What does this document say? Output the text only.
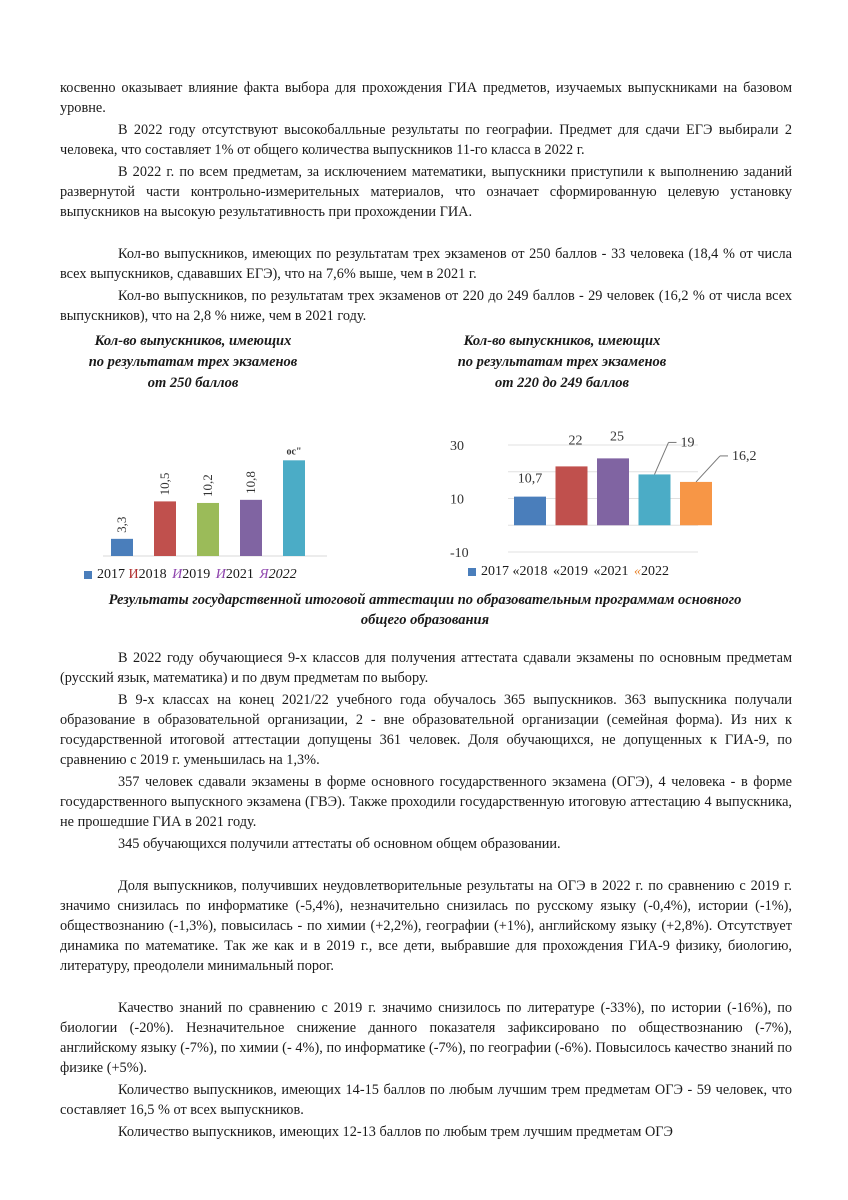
косвенно оказывает влияние факта выбора для прохождения ГИА предметов, изучаемых выпускниками на базовом уровне.

В 2022 году отсутствуют высокобалльные результаты по географии. Предмет для сдачи ЕГЭ выбирали 2 человека, что составляет 1% от общего количества выпускников 11-го класса в 2022 г.

В 2022 г. по всем предметам, за исключением математики, выпускники приступили к выполнению заданий развернутой части контрольно-измерительных материалов, что означает сформированную целевую установку выпускников на высокую результативность при прохождении ГИА.

Кол-во выпускников, имеющих по результатам трех экзаменов от 250 баллов - 33 человека (18,4 % от числа всех выпускников, сдававших ЕГЭ), что на 7,6% выше, чем в 2021 г.

Кол-во выпускников, по результатам трех экзаменов от 220 до 249 баллов - 29 человек (16,2 % от числа всех выпускников), что на 2,8 % ниже, чем в 2021 году.

Кол-во выпускников, имеющих
по результатам трех экзаменов
от 250 баллов
Кол-во выпускников, имеющих
по результатам трех экзаменов
от 220 до 249 баллов
3,3
10,5 10,2 10,8
ос"	30
10
-10
10,7
22 25	19
16,2
2017 И2018 И2019 И2021 Я2022	2017 «2018 «2019 «2021 «2022

Результаты государственной итоговой аттестации по образовательным программам основного общего образования

В 2022 году обучающиеся 9-х классов для получения аттестата сдавали экзамены по основным предметам (русский язык, математика) и по двум предметам по выбору.

В 9-х классах на конец 2021/22 учебного года обучалось 365 выпускников. 363 выпускника получали образование в образовательной организации, 2 - вне образовательной организации (семейная форма). Из них к государственной итоговой аттестации допущены 361 человек. Доля обучающихся, не допущенных к ГИА-9, по сравнению с 2019 г. уменьшилась на 1,3%.

357 человек сдавали экзамены в форме основного государственного экзамена (ОГЭ), 4 человека - в форме государственного выпускного экзамена (ГВЭ). Также проходили государственную итоговую аттестацию 4 выпускника, не прошедшие ГИА в 2021 году.

345 обучающихся получили аттестаты об основном общем образовании.

Доля выпускников, получивших неудовлетворительные результаты на ОГЭ в 2022 г. по сравнению с 2019 г. значимо снизилась по информатике (-5,4%), незначительно снизилась по русскому языку (-0,4%), истории (-1%), обществознанию (-1,3%), повысилась - по химии (+2,2%), географии (+1%), английскому языку (+2,8%). Отсутствует динамика по математике. Так же как и в 2019 г., все дети, выбравшие для прохождения ГИА-9 физику, биологию, литературу, преодолели минимальный порог.

Качество знаний по сравнению с 2019 г. значимо снизилось по литературе (-33%), по истории (-16%), по биологии (-20%). Незначительное снижение данного показателя зафиксировано по обществознанию (-7%), английскому языку (-7%), по химии (- 4%), по информатике (-7%), по географии (-6%). Повысилось качество знаний по физике (+5%).

Количество выпускников, имеющих 14-15 баллов по любым лучшим трем предметам ОГЭ - 59 человек, что составляет 16,5 % от всех выпускников.

Количество выпускников, имеющих 12-13 баллов по любым трем лучшим предметам ОГЭ
